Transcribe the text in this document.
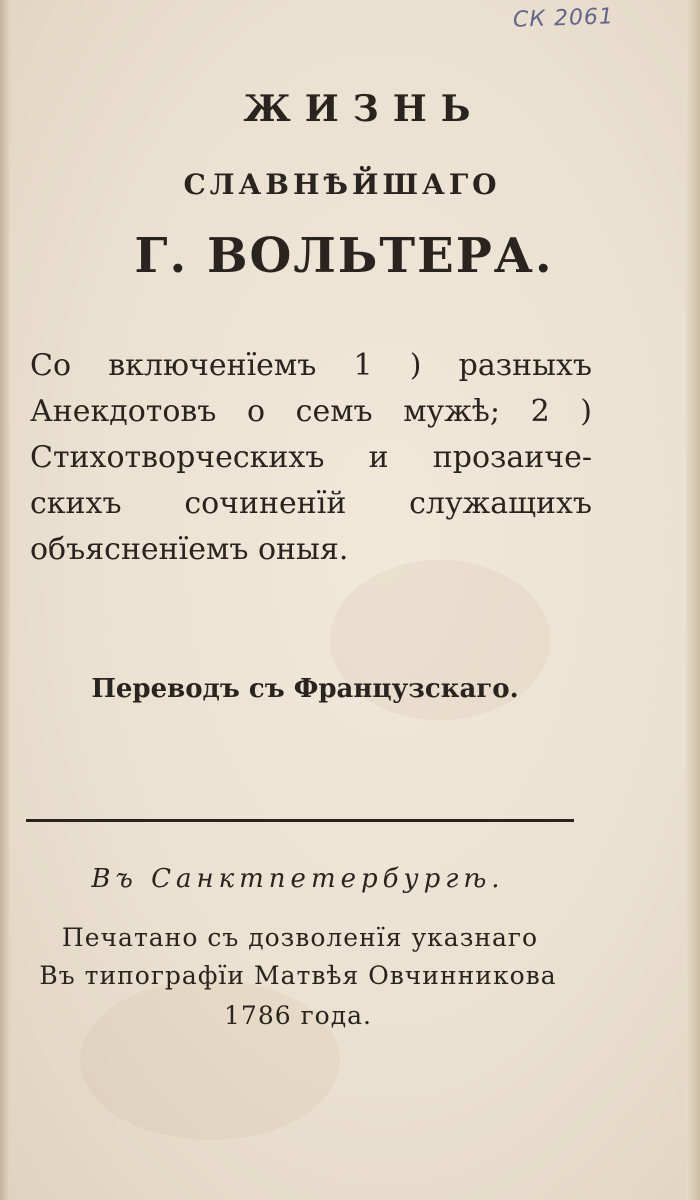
СК 2061
ЖИЗНЬ
СЛАВНѢЙШАГО
Г. ВОЛЬТЕРА.
Со включенїемъ 1 ) разныхъ
Анекдотовъ о семъ мужѣ; 2 )
Стихотворческихъ и прозаиче-
скихъ сочиненїй служащихъ
объясненїемъ оныя.
Переводъ съ Французскаго.
Въ Санктпетербургѣ.
Печатано съ дозволенїя указнаго
Въ типографїи Матвѣя Овчинникова
1786 года.
